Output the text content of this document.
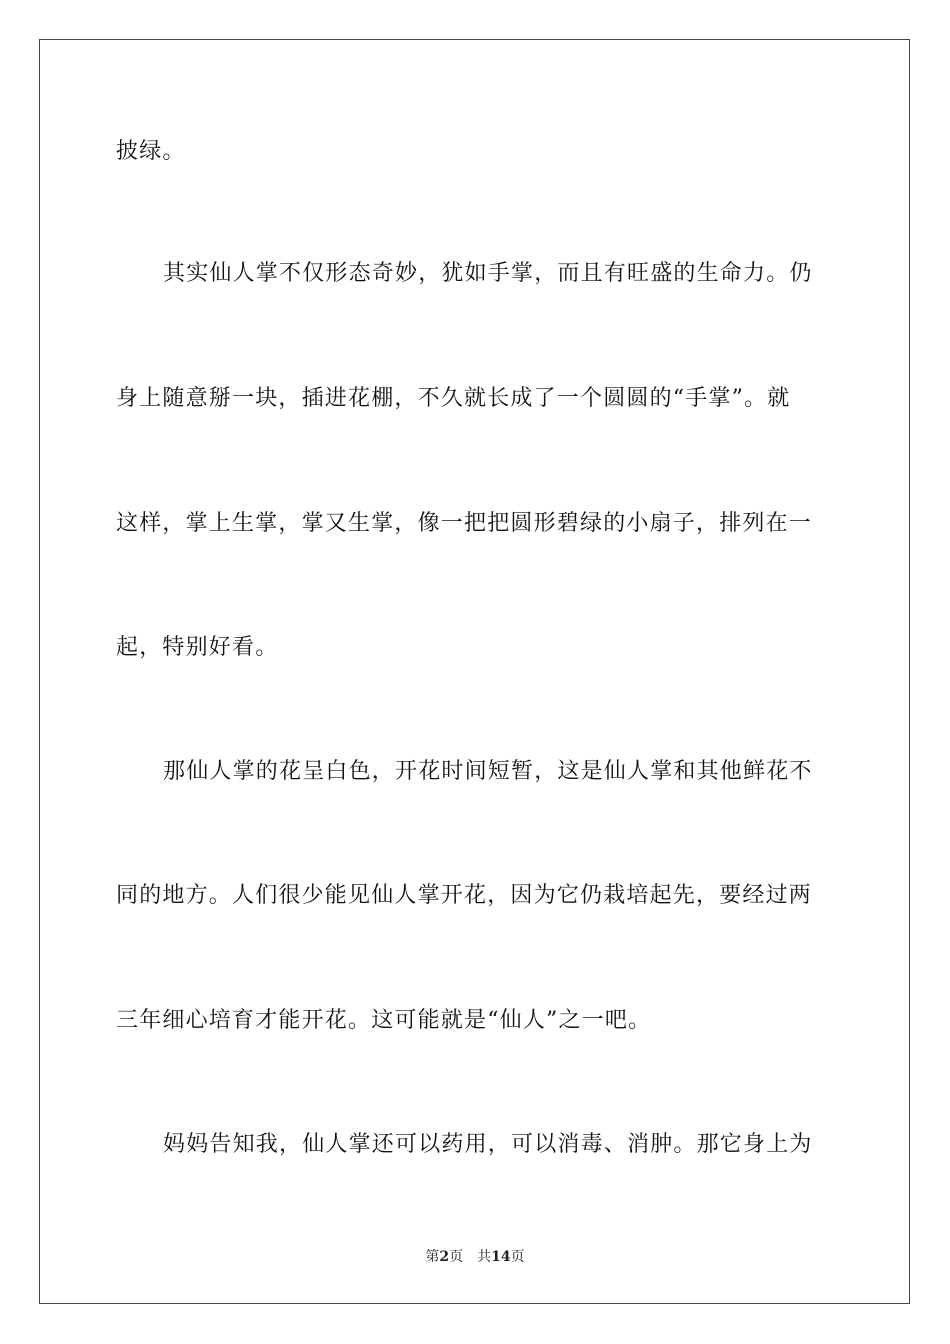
披绿。
其实仙人掌不仅形态奇妙，犹如手掌，而且有旺盛的生命力。仍
身上随意掰一块，插进花棚，不久就长成了一个圆圆的“手掌”。就
这样，掌上生掌，掌又生掌，像一把把圆形碧绿的小扇子，排列在一
起，特别好看。
那仙人掌的花呈白色，开花时间短暂，这是仙人掌和其他鲜花不
同的地方。人们很少能见仙人掌开花，因为它仍栽培起先，要经过两
三年细心培育才能开花。这可能就是“仙人”之一吧。
妈妈告知我，仙人掌还可以药用，可以消毒、消肿。那它身上为
第2页 共14页
